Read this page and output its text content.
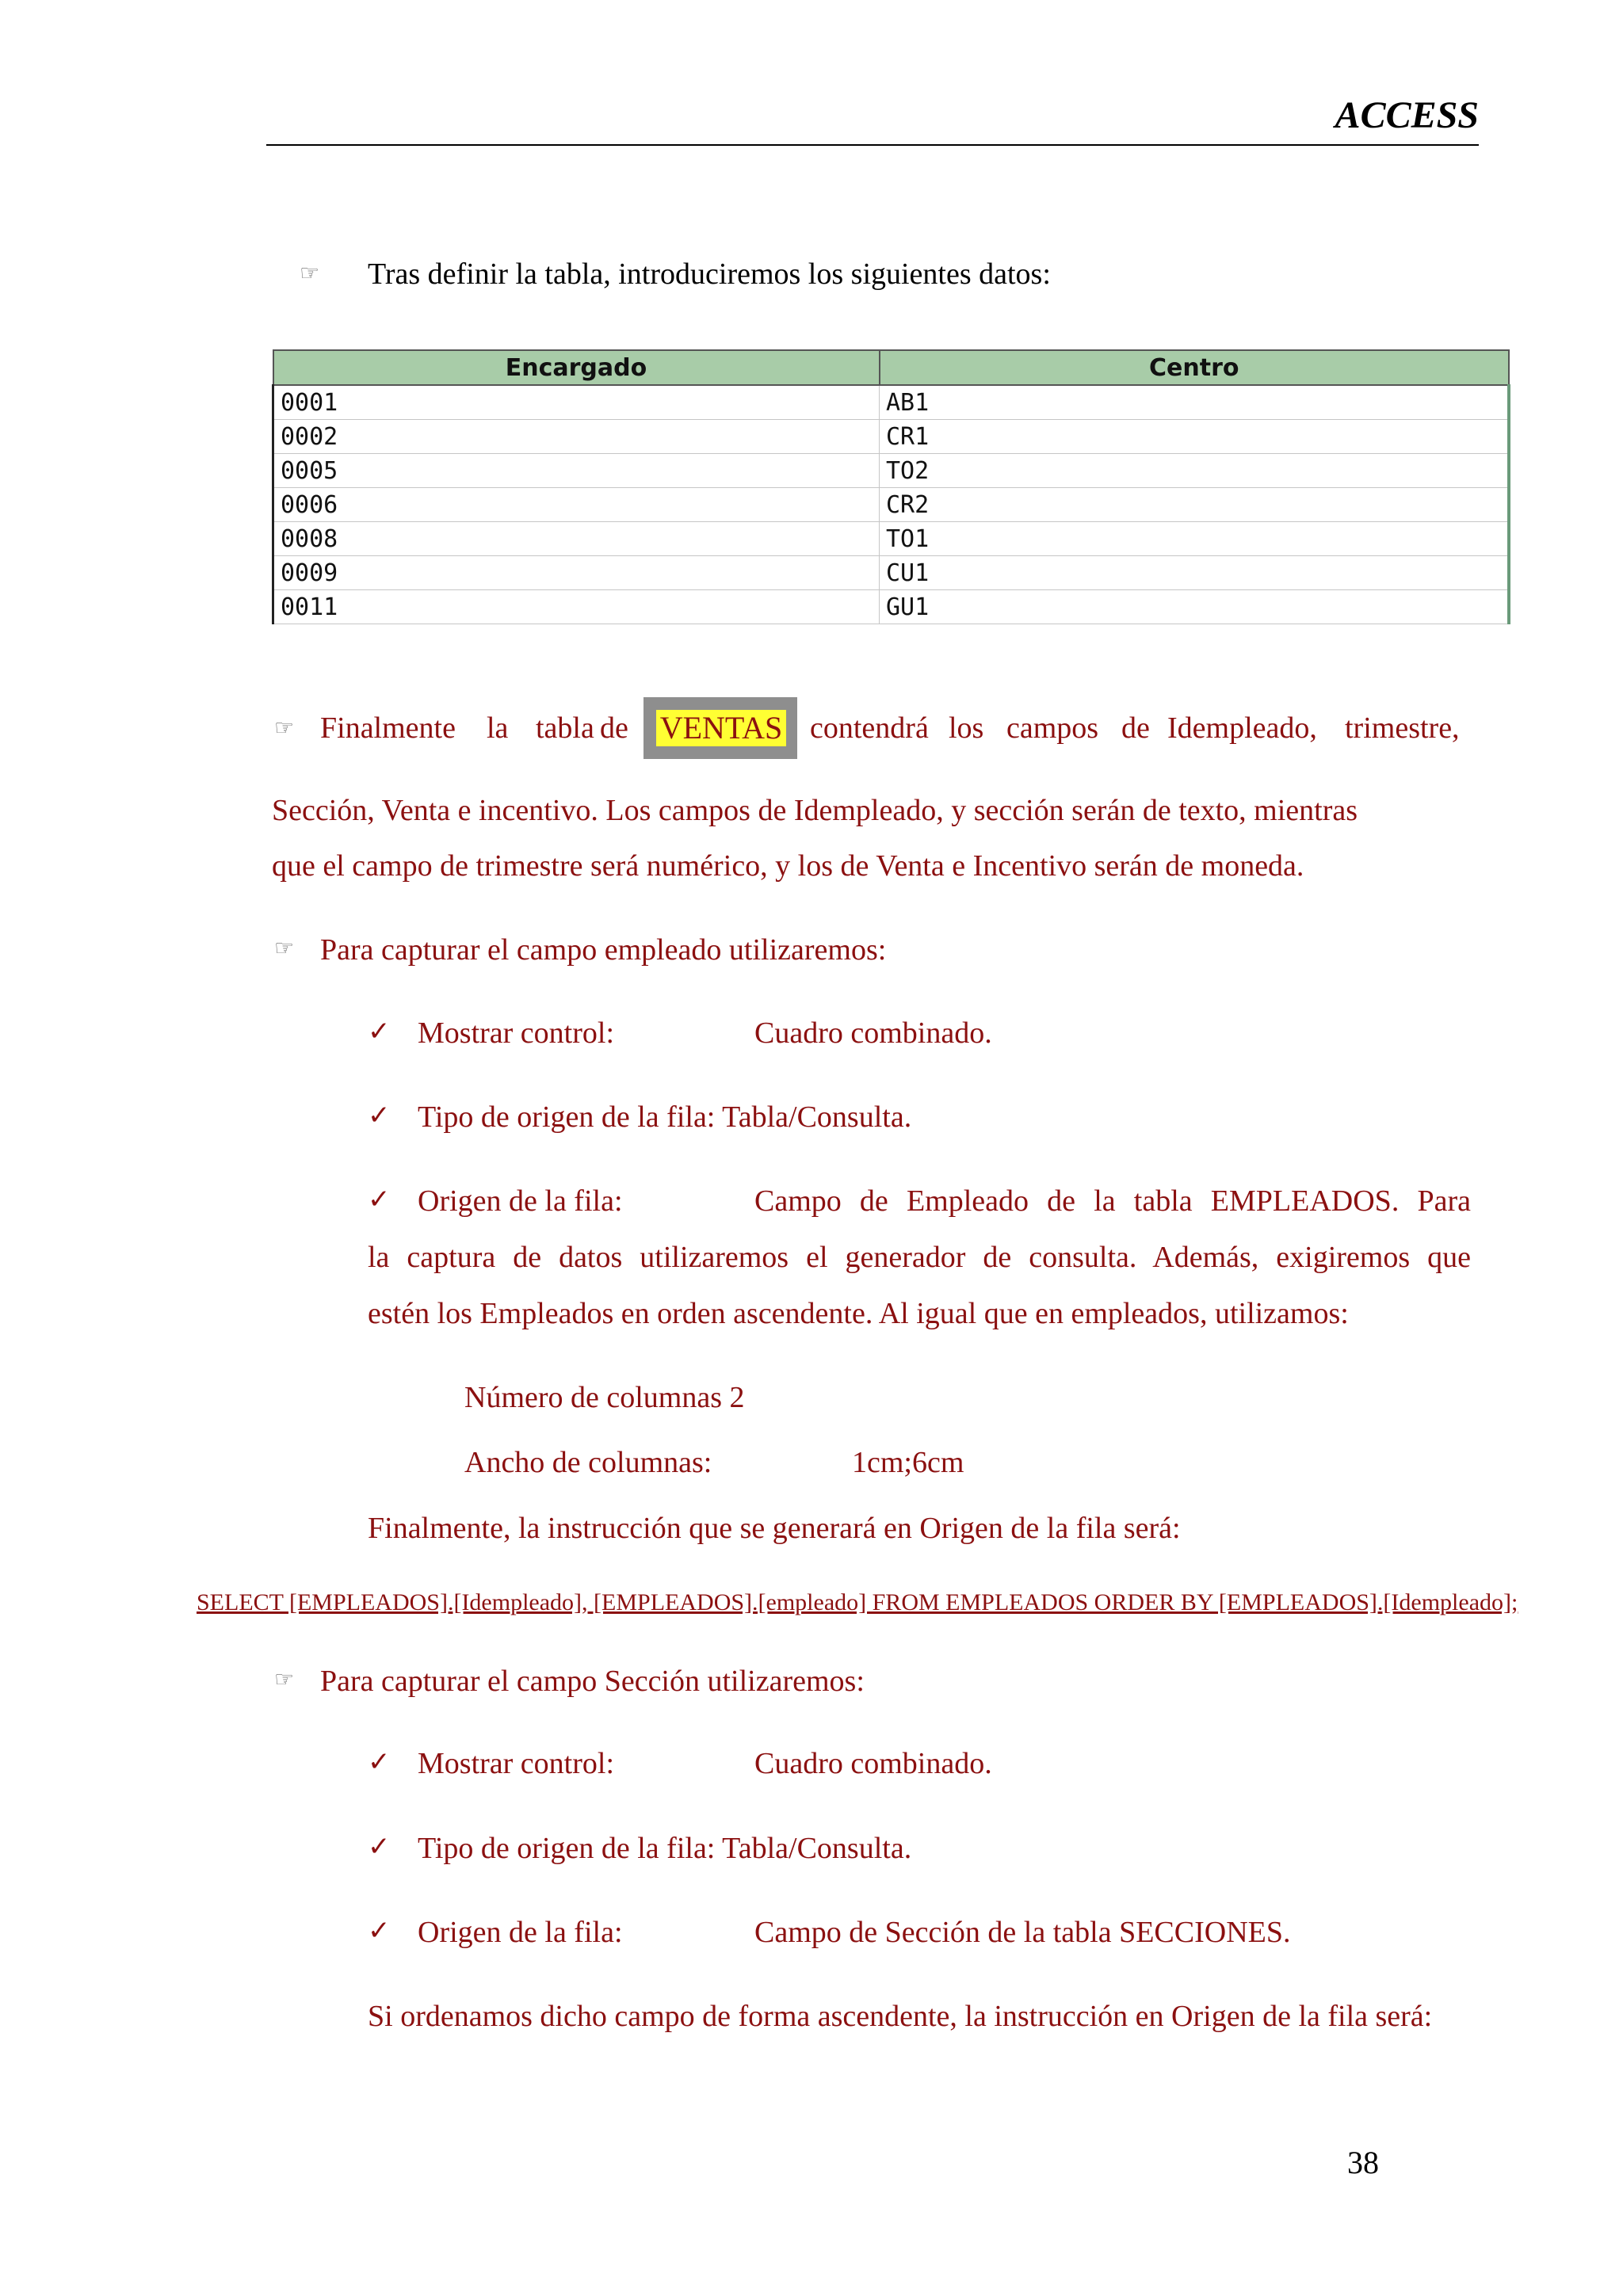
ACCESS
☞ Tras definir la tabla, introduciremos los siguientes datos:
Encargado	Centro
0001	AB1
0002	CR1
0005	TO2
0006	CR2
0008	TO1
0009	CU1
0011	GU1
☞ Finalmente la tabla de VENTAS contendrá los campos de Idempleado, trimestre,
Sección, Venta e incentivo. Los campos de Idempleado, y sección serán de texto, mientras
que el campo de trimestre será numérico, y los de Venta e Incentivo serán de moneda.
☞ Para capturar el campo empleado utilizaremos:
✓ Mostrar control:	Cuadro combinado.
✓ Tipo de origen de la fila: Tabla/Consulta.
✓ Origen de la fila:	Campo de Empleado de la tabla EMPLEADOS. Para
la captura de datos utilizaremos el generador de consulta. Además, exigiremos que
estén los Empleados en orden ascendente. Al igual que en empleados, utilizamos:
Número de columnas 2
Ancho de columnas:	1cm;6cm
Finalmente, la instrucción que se generará en Origen de la fila será:
SELECT [EMPLEADOS].[Idempleado], [EMPLEADOS].[empleado] FROM EMPLEADOS ORDER BY [EMPLEADOS].[Idempleado];
☞ Para capturar el campo Sección utilizaremos:
✓ Mostrar control:	Cuadro combinado.
✓ Tipo de origen de la fila: Tabla/Consulta.
✓ Origen de la fila:	Campo de Sección de la tabla SECCIONES.
Si ordenamos dicho campo de forma ascendente, la instrucción en Origen de la fila será:
38
